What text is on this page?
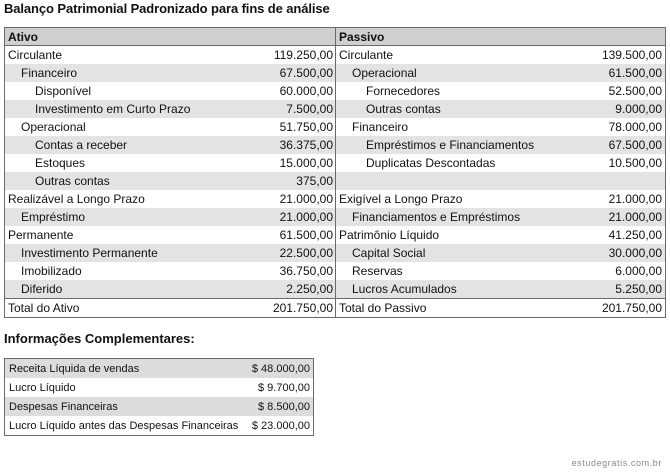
Balanço Patrimonial Padronizado para fins de análise
Ativo		Passivo	
Circulante	119.250,00	Circulante	139.500,00
Financeiro	67.500,00	Operacional	61.500,00
Disponível	60.000,00	Fornecedores	52.500,00
Investimento em Curto Prazo	7.500,00	Outras contas	9.000,00
Operacional	51.750,00	Financeiro	78.000,00
Contas a receber	36.375,00	Empréstimos e Financiamentos	67.500,00
Estoques	15.000,00	Duplicatas Descontadas	10.500,00
Outras contas	375,00		
Realizável a Longo Prazo	21.000,00	Exigível a Longo Prazo	21.000,00
Empréstimo	21.000,00	Financiamentos e Empréstimos	21.000,00
Permanente	61.500,00	Patrimônio Líquido	41.250,00
Investimento Permanente	22.500,00	Capital Social	30.000,00
Imobilizado	36.750,00	Reservas	6.000,00
Diferido	2.250,00	Lucros Acumulados	5.250,00
Total do Ativo	201.750,00	Total do Passivo	201.750,00
Informações Complementares:
Receita Líquida de vendas	$ 48.000,00
Lucro Líquido	$ 9.700,00
Despesas Financeiras	$ 8.500,00
Lucro Líquido antes das Despesas Financeiras	$ 23.000,00
estudegratis.com.br
